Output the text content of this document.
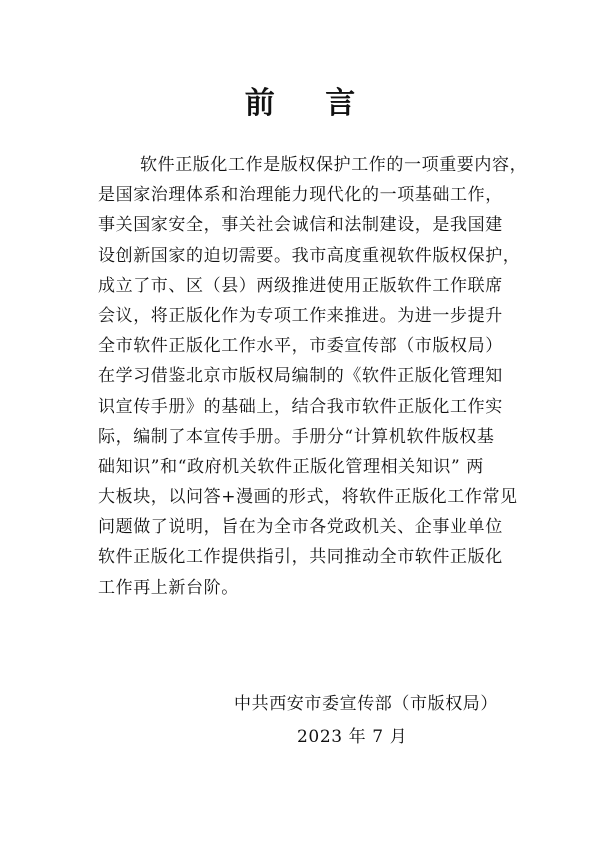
前 言
软件正版化工作是版权保护工作的一项重要内容，
是国家治理体系和治理能力现代化的一项基础工作，
事关国家安全，事关社会诚信和法制建设，是我国建
设创新国家的迫切需要。我市高度重视软件版权保护，
成立了市、区（县）两级推进使用正版软件工作联席
会议，将正版化作为专项工作来推进。为进一步提升
全市软件正版化工作水平，市委宣传部（市版权局）
在学习借鉴北京市版权局编制的《软件正版化管理知
识宣传手册》的基础上，结合我市软件正版化工作实
际，编制了本宣传手册。手册分“计算机软件版权基
础知识”和“政府机关软件正版化管理相关知识” 两
大板块，以问答+漫画的形式，将软件正版化工作常见
问题做了说明，旨在为全市各党政机关、企事业单位
软件正版化工作提供指引，共同推动全市软件正版化
工作再上新台阶。
中共西安市委宣传部（市版权局）
2023 年 7 月
